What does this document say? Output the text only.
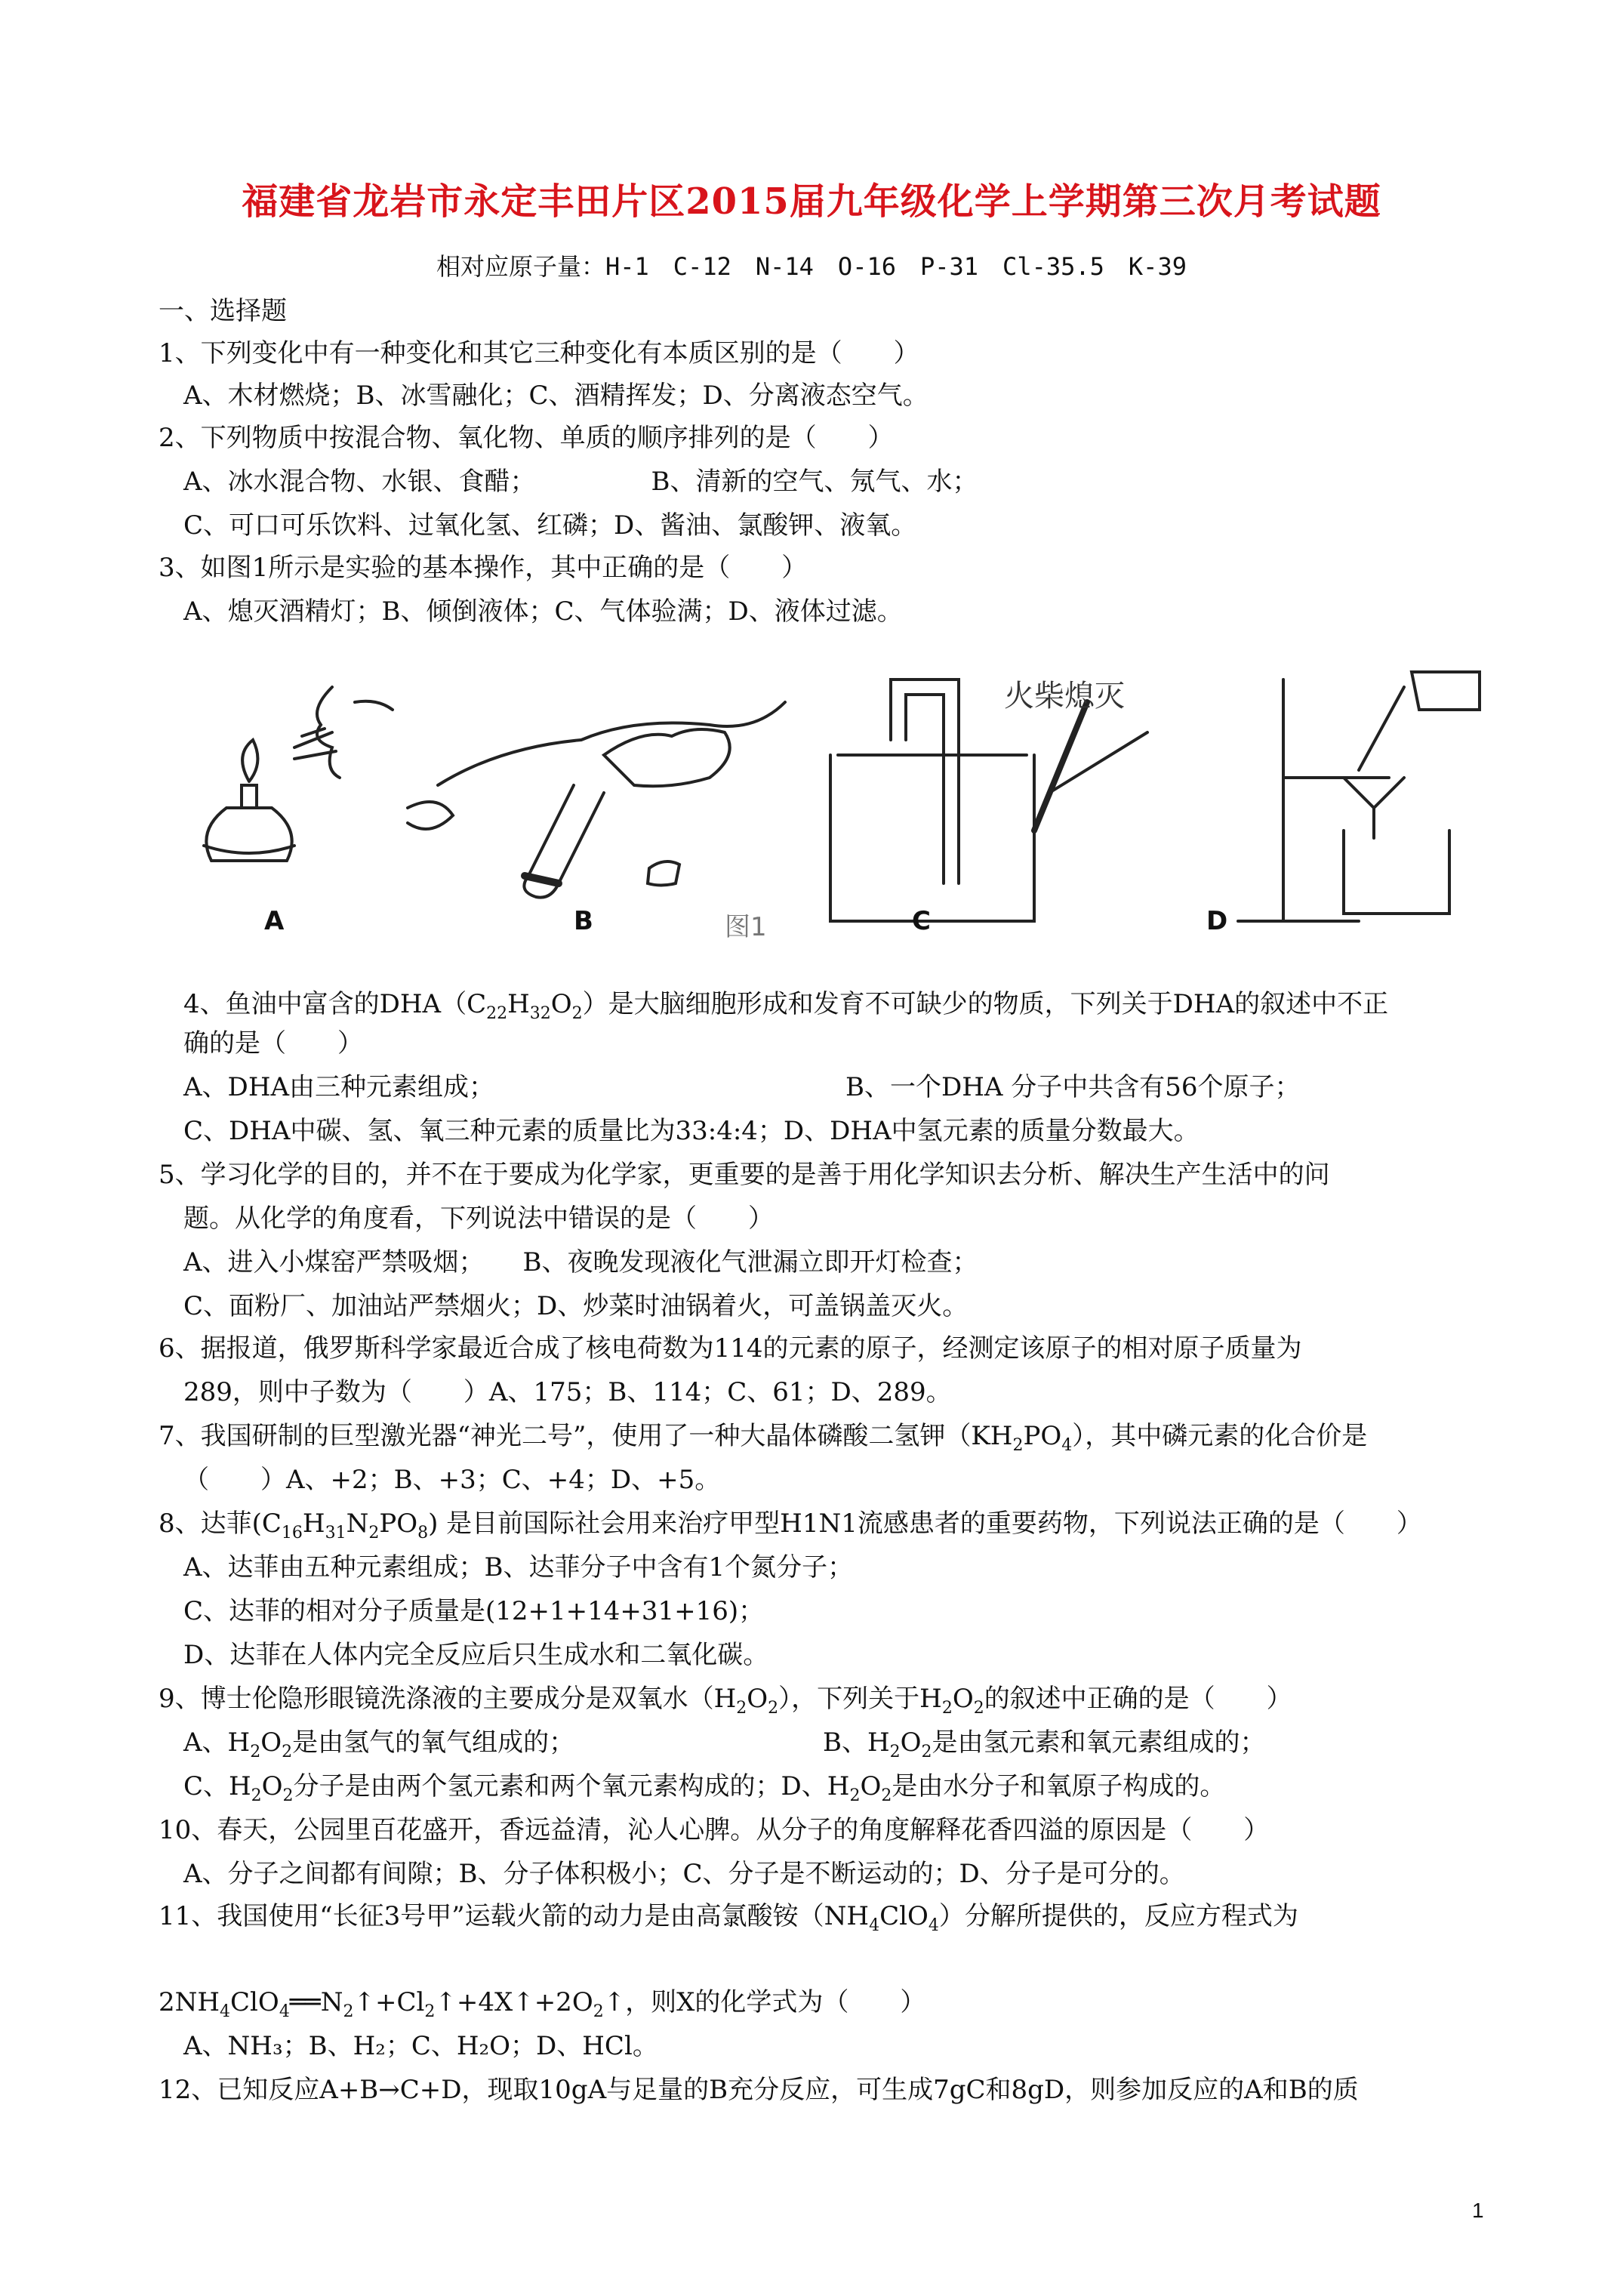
福建省龙岩市永定丰田片区2015届九年级化学上学期第三次月考试题
相对应原子量：H-1　C-12　N-14　O-16　P-31　Cl-35.5　K-39
一、选择题
1、下列变化中有一种变化和其它三种变化有本质区别的是（　　）
A、木材燃烧；B、冰雪融化；C、酒精挥发；D、分离液态空气。
2、下列物质中按混合物、氧化物、单质的顺序排列的是（　　）
A、冰水混合物、水银、食醋；　　　　　B、清新的空气、氖气、水；
C、可口可乐饮料、过氧化氢、红磷；D、酱油、氯酸钾、液氧。
3、如图1所示是实验的基本操作，其中正确的是（　　）
A、熄灭酒精灯；B、倾倒液体；C、气体验满；D、液体过滤。
火柴熄灭
A	B	图1	C	D
4、鱼油中富含的$DHA(C_{22}H_{32}O_2)$是大脑细胞形成和发育不可缺少的物质，下列关于DHA的叙述中不正
确的是（　　）
A、DHA由三种元素组成；	B、一个DHA 分子中共含有56个原子；
C、DHA中碳、氢、氧三种元素的质量比为33:4:4；D、DHA中氢元素的质量分数最大。
5、学习化学的目的，并不在于要成为化学家，更重要的是善于用化学知识去分析、解决生产生活中的问
题。从化学的角度看，下列说法中错误的是（　　）
A、进入小煤窑严禁吸烟；　　B、夜晚发现液化气泄漏立即开灯检查；
C、面粉厂、加油站严禁烟火；D、炒菜时油锅着火，可盖锅盖灭火。
6、据报道，俄罗斯科学家最近合成了核电荷数为114的元素的原子，经测定该原子的相对原子质量为
289，则中子数为（　　）A、175；B、114；C、61；D、289。
7、我国研制的巨型激光器“神光二号”，使用了一种大晶体磷酸二氢钾$(KH_2PO_4)$，其中磷元素的化合价是
（　　）A、+2；B、+3；C、+4；D、+5。
8、达菲$(C_{16}H_{31}N_2PO_8)$ 是目前国际社会用来治疗甲型H1N1流感患者的重要药物，下列说法正确的是（　　）
A、达菲由五种元素组成；B、达菲分子中含有1个氮分子；
C、达菲的相对分子质量是(12+1+14+31+16)；
D、达菲在人体内完全反应后只生成水和二氧化碳。
9、博士伦隐形眼镜洗涤液的主要成分是双氧水$(H_2O_2)$，下列关于$H_2O_2$的叙述中正确的是（　　）
A、$H_2O_2$是由氢气的氧气组成的；	B、$H_2O_2$是由氢元素和氧元素组成的；
C、$H_2O_2$分子是由两个氢元素和两个氧元素构成的；D、$H_2O_2$是由水分子和氧原子构成的。
10、春天，公园里百花盛开，香远益清，沁人心脾。从分子的角度解释花香四溢的原因是（　　）
A、分子之间都有间隙；B、分子体积极小；C、分子是不断运动的；D、分子是可分的。
11、我国使用“长征3号甲”运载火箭的动力是由高氯酸铵$(NH_4ClO_4)$分解所提供的，反应方程式为
$2NH_4ClO_4══N_2↑+Cl_2↑+4X↑+2O_2↑$，则X的化学式为（　　）
A、NH₃；B、H₂；C、H₂O；D、HCl。
12、已知反应A+B→C+D，现取10gA与足量的B充分反应，可生成7gC和8gD，则参加反应的A和B的质
1
